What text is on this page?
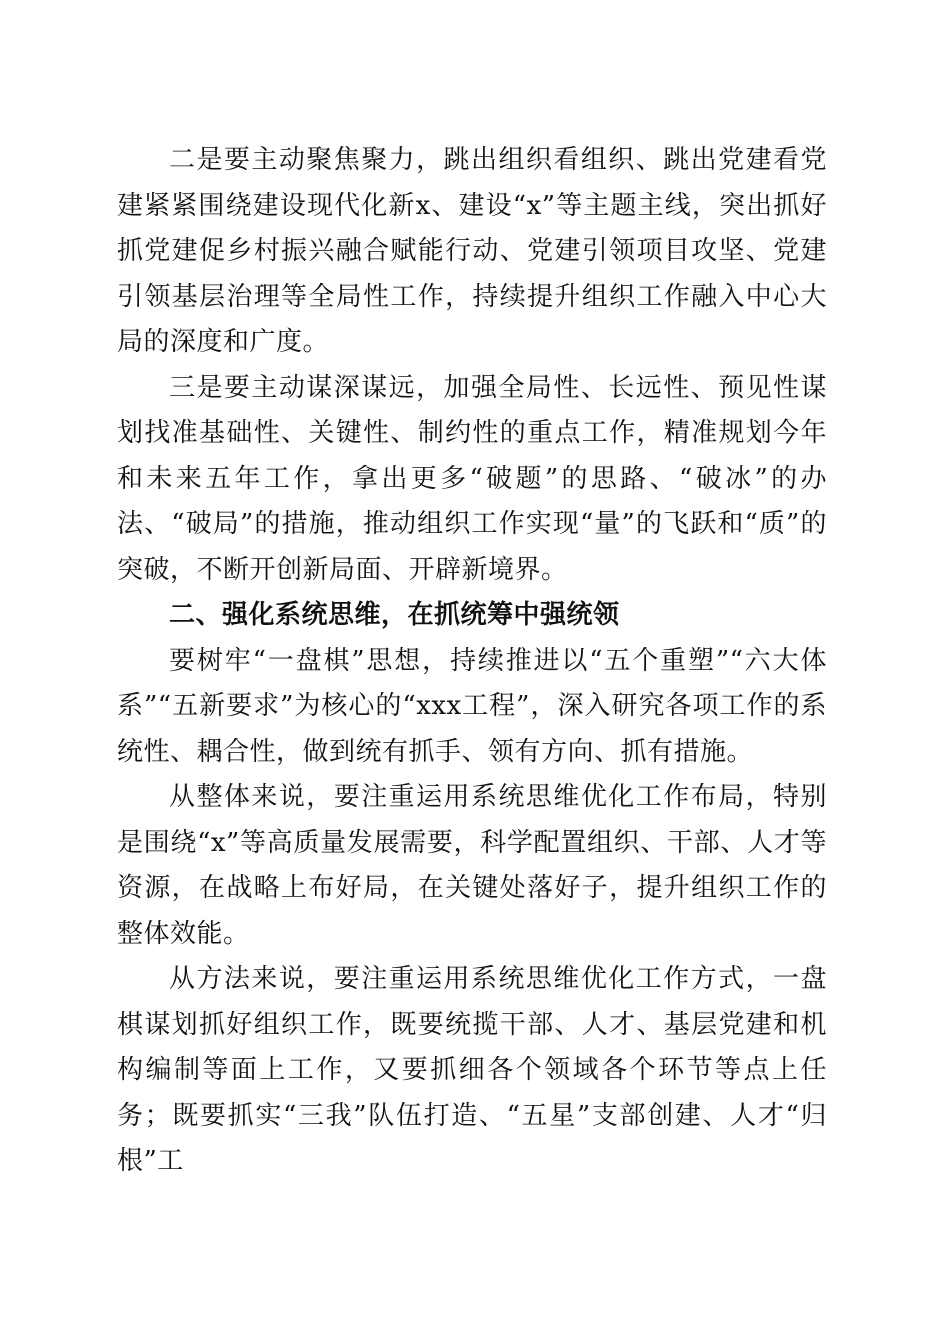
二是要主动聚焦聚力，跳出组织看组织、跳出党建看党建紧紧围绕建设现代化新x、建设“x”等主题主线，突出抓好抓党建促乡村振兴融合赋能行动、党建引领项目攻坚、党建引领基层治理等全局性工作，持续提升组织工作融入中心大局的深度和广度。

三是要主动谋深谋远，加强全局性、长远性、预见性谋划找准基础性、关键性、制约性的重点工作，精准规划今年和未来五年工作，拿出更多“破题”的思路、“破冰”的办法、“破局”的措施，推动组织工作实现“量”的飞跃和“质”的突破，不断开创新局面、开辟新境界。

二、强化系统思维，在抓统筹中强统领

要树牢“一盘棋”思想，持续推进以“五个重塑”“六大体系”“五新要求”为核心的“xxx工程”，深入研究各项工作的系统性、耦合性，做到统有抓手、领有方向、抓有措施。

从整体来说，要注重运用系统思维优化工作布局，特别是围绕“x”等高质量发展需要，科学配置组织、干部、人才等资源，在战略上布好局，在关键处落好子，提升组织工作的整体效能。

从方法来说，要注重运用系统思维优化工作方式，一盘棋谋划抓好组织工作，既要统揽干部、人才、基层党建和机构编制等面上工作，又要抓细各个领域各个环节等点上任务；既要抓实“三我”队伍打造、“五星”支部创建、人才“归根”工
